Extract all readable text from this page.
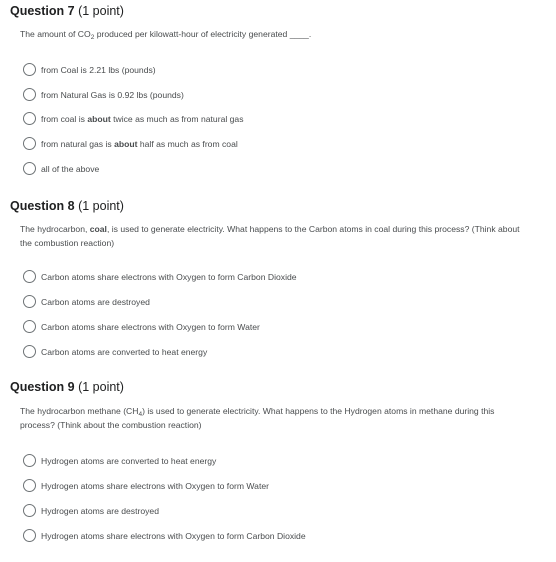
Question 7 (1 point)
The amount of $CO_2$ produced per kilowatt-hour of electricity generated ____.
from Coal is 2.21 lbs (pounds)
from Natural Gas is 0.92 lbs (pounds)
from coal is about twice as much as from natural gas
from natural gas is about half as much as from coal
all of the above
Question 8 (1 point)
The hydrocarbon, coal, is used to generate electricity. What happens to the Carbon atoms in coal during this process? (Think about the combustion reaction)
Carbon atoms share electrons with Oxygen to form Carbon Dioxide
Carbon atoms are destroyed
Carbon atoms share electrons with Oxygen to form Water
Carbon atoms are converted to heat energy
Question 9 (1 point)
The hydrocarbon methane $(CH_4)$ is used to generate electricity. What happens to the Hydrogen atoms in methane during this process? (Think about the combustion reaction)
Hydrogen atoms are converted to heat energy
Hydrogen atoms share electrons with Oxygen to form Water
Hydrogen atoms are destroyed
Hydrogen atoms share electrons with Oxygen to form Carbon Dioxide
